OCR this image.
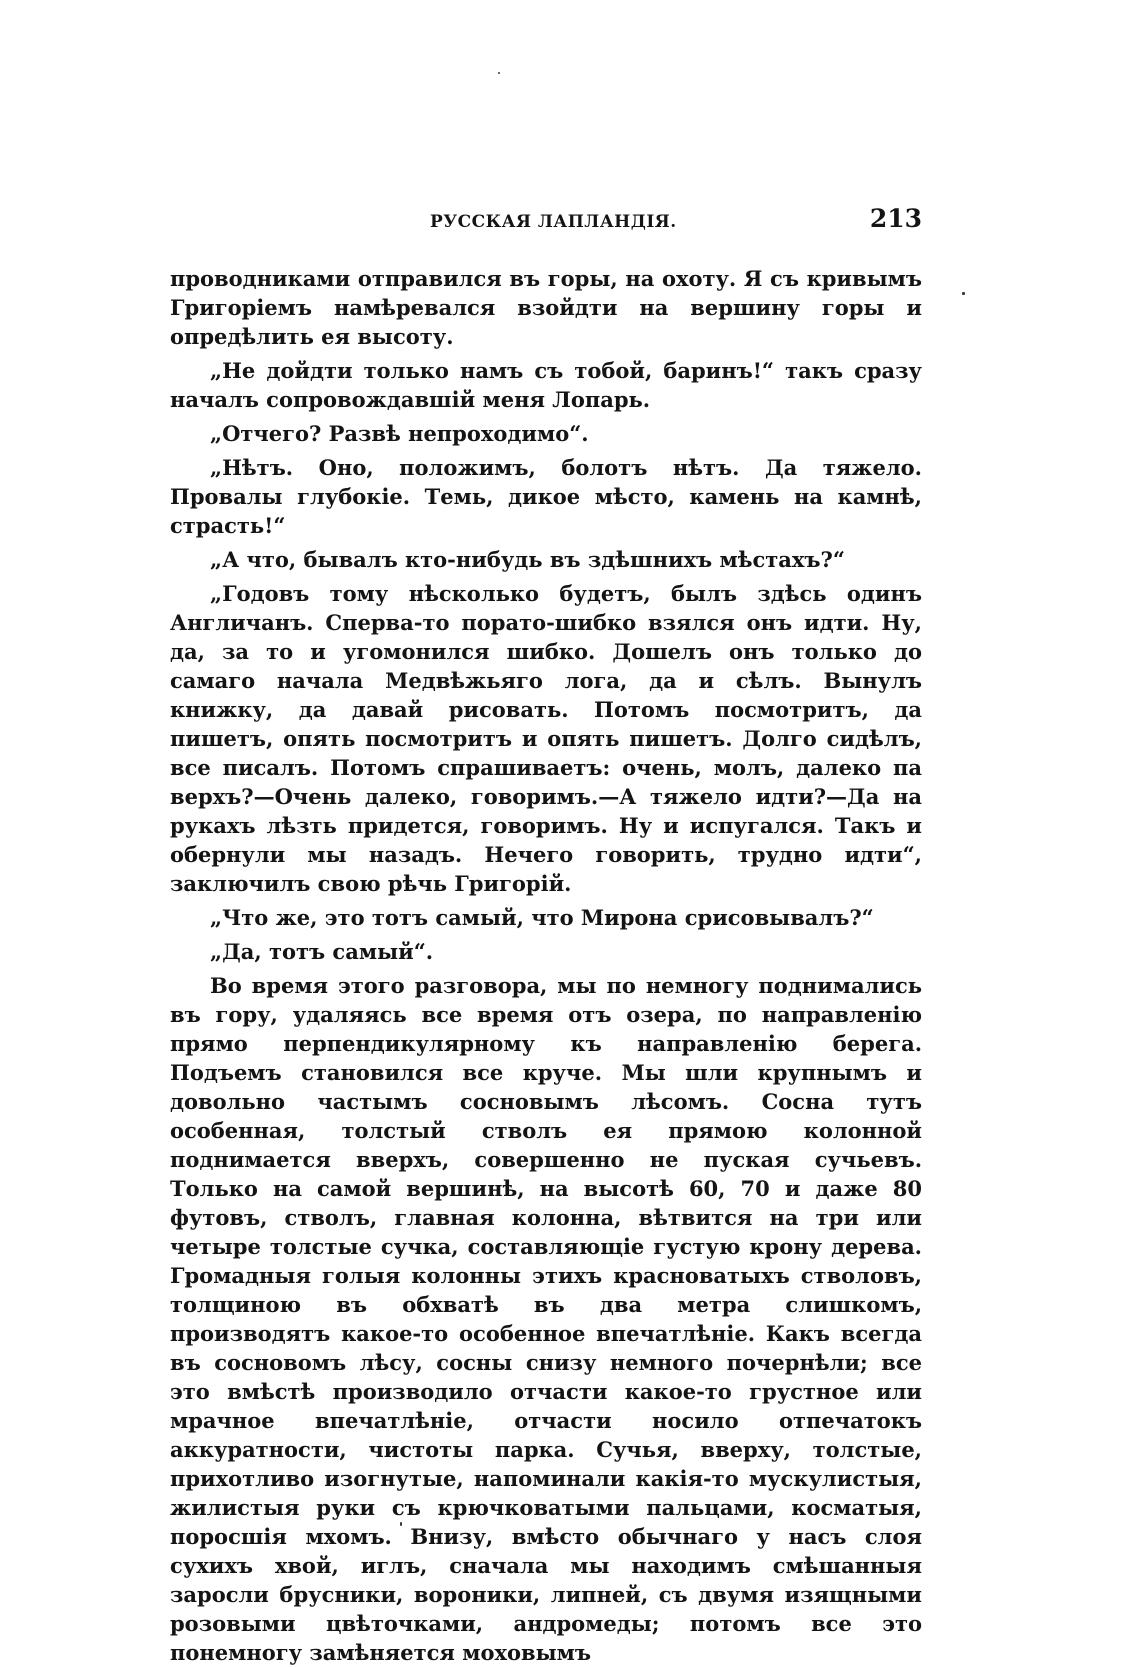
РУССКАЯ ЛАПЛАНДІЯ.	213

проводниками отправился въ горы, на охоту. Я съ кривымъ Григоріемъ намѣревался взойдти на вершину горы и опредѣлить ея высоту.

„Не дойдти только намъ съ тобой, баринъ!“ такъ сразу началъ сопровождавшій меня Лопарь.

„Отчего? Развѣ непроходимо“.

„Нѣтъ. Оно, положимъ, болотъ нѣтъ. Да тяжело. Провалы глубокіе. Темь, дикое мѣсто, камень на камнѣ, страсть!“

„А что, бывалъ кто-нибудь въ здѣшнихъ мѣстахъ?“

„Годовъ тому нѣсколько будетъ, былъ здѣсь одинъ Англичанъ. Сперва-то порато-шибко взялся онъ идти. Ну, да, за то и угомонился шибко. Дошелъ онъ только до самаго начала Медвѣжьяго лога, да и сѣлъ. Вынулъ книжку, да давай рисовать. Потомъ посмотритъ, да пишетъ, опять посмотритъ и опять пишетъ. Долго сидѣлъ, все писалъ. Потомъ спрашиваетъ: очень, молъ, далеко па верхъ?—Очень далеко, говоримъ.—А тяжело идти?—Да на рукахъ лѣзть придется, говоримъ. Ну и испугался. Такъ и обернули мы назадъ. Нечего говорить, трудно идти“, заключилъ свою рѣчь Григорій.

„Что же, это тотъ самый, что Мирона срисовывалъ?“

„Да, тотъ самый“.

Во время этого разговора, мы по немногу поднимались въ гору, удаляясь все время отъ озера, по направленію прямо перпендикулярному къ направленію берега. Подъемъ становился все круче. Мы шли крупнымъ и довольно частымъ сосновымъ лѣсомъ. Сосна тутъ особенная, толстый стволъ ея прямою колонной поднимается вверхъ, совершенно не пуская сучьевъ. Только на самой вершинѣ, на высотѣ 60, 70 и даже 80 футовъ, стволъ, главная колонна, вѣтвится на три или четыре толстые сучка, составляющіе густую крону дерева. Громадныя голыя колонны этихъ красноватыхъ стволовъ, толщиною въ обхватѣ въ два метра слишкомъ, производятъ какое-то особенное впечатлѣніе. Какъ всегда въ сосновомъ лѣсу, сосны снизу немного почернѣли; все это вмѣстѣ производило отчасти какое-то грустное или мрачное впечатлѣніе, отчасти носило отпечатокъ аккуратности, чистоты парка. Сучья, вверху, толстые, прихотливо изогнутые, напоминали какія-то мускулистыя, жилистыя руки съ крючковатыми пальцами, косматыя, поросшія мхомъ. Внизу, вмѣсто обычнаго у насъ слоя сухихъ хвой, иглъ, сначала мы находимъ смѣшанныя заросли брусники, вороники, липней, съ двумя изящными розовыми цвѣточками, андромеды; потомъ все это понемногу замѣняется моховымъ
